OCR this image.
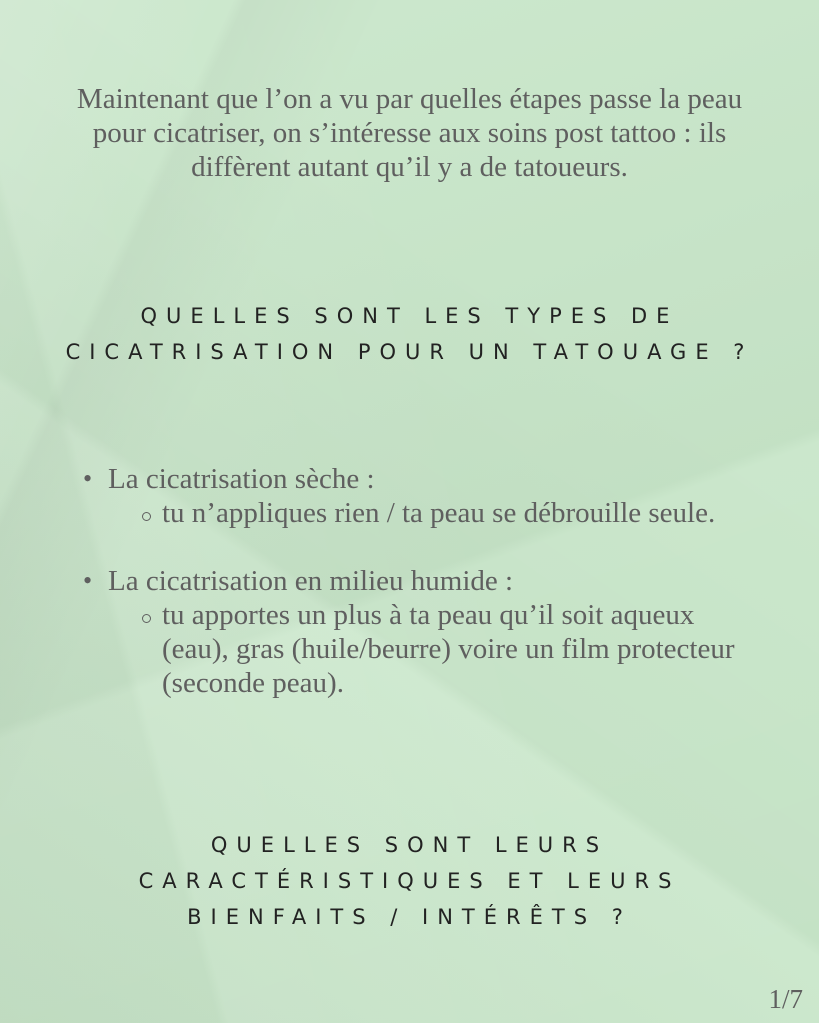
Maintenant que l’on a vu par quelles étapes passe la peau pour cicatriser, on s’intéresse aux soins post tattoo : ils diffèrent autant qu’il y a de tatoueurs.

QUELLES SONT LES TYPES DE
CICATRISATION POUR UN TATOUAGE ?
• La cicatrisation sèche :
tu n’appliques rien / ta peau se débrouille seule.
• La cicatrisation en milieu humide :
tu apportes un plus à ta peau qu’il soit aqueux (eau), gras (huile/beurre) voire un film protecteur (seconde peau).
QUELLES SONT LEURS
CARACTÉRISTIQUES ET LEURS
BIENFAITS / INTÉRÊTS ?
1/7
